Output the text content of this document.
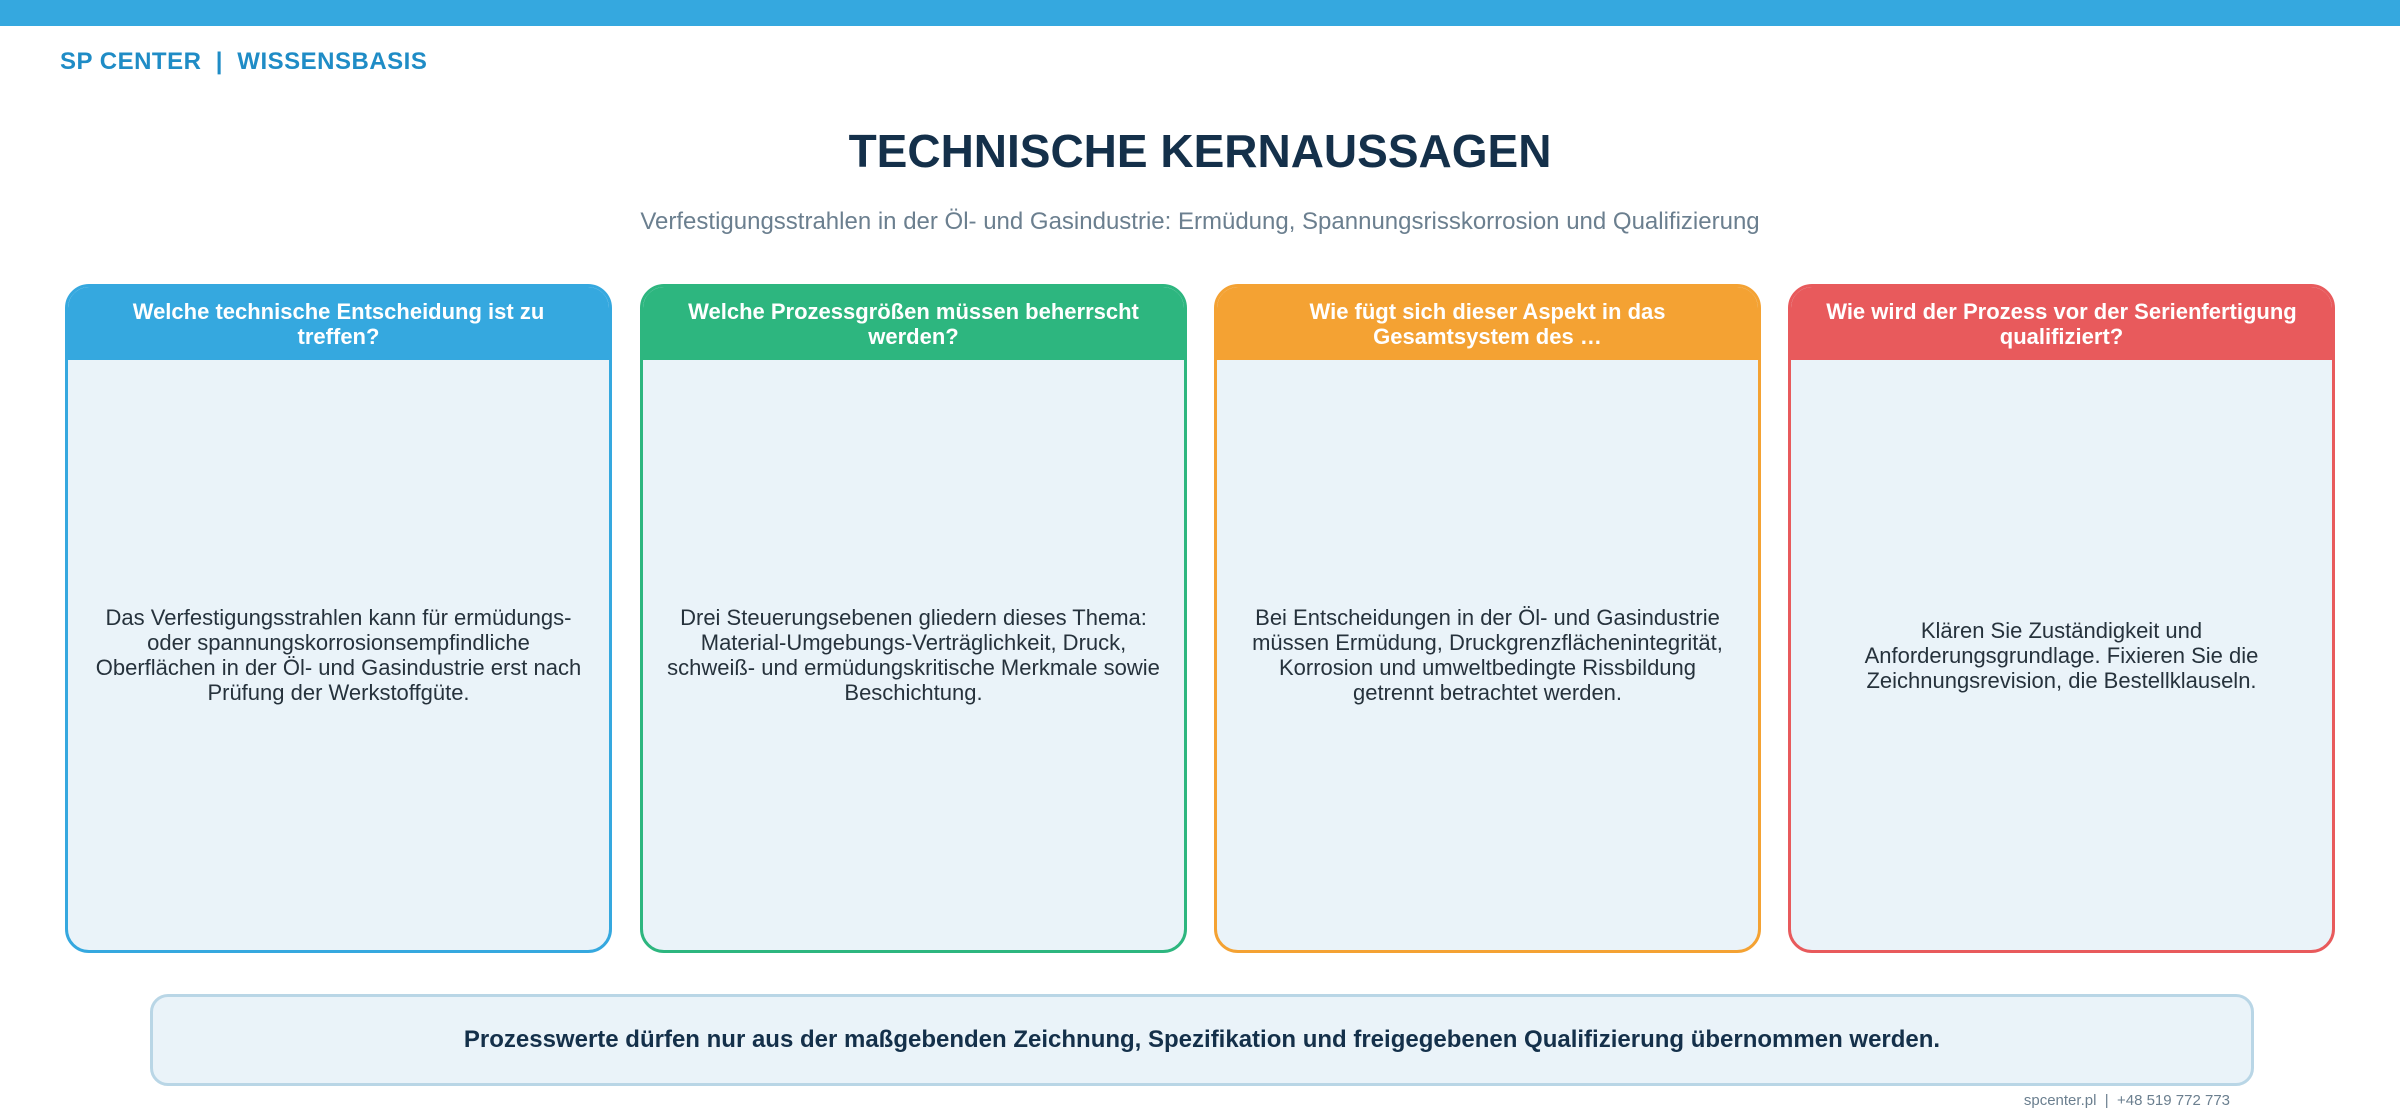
SP CENTER  |  WISSENSBASIS
TECHNISCHE KERNAUSSAGEN
Verfestigungsstrahlen in der Öl- und Gasindustrie: Ermüdung, Spannungsrisskorrosion und Qualifizierung
Welche technische Entscheidung ist zu treffen?
Das Verfestigungsstrahlen kann für ermüdungs- oder spannungskorrosionsempfindliche Oberflächen in der Öl- und Gasindustrie erst nach Prüfung der Werkstoffgüte.
Welche Prozessgrößen müssen beherrscht werden?
Drei Steuerungsebenen gliedern dieses Thema: Material-Umgebungs-Verträglichkeit, Druck, schweiß- und ermüdungskritische Merkmale sowie Beschichtung.
Wie fügt sich dieser Aspekt in das Gesamtsystem des …
Bei Entscheidungen in der Öl- und Gasindustrie müssen Ermüdung, Druckgrenzflächenintegrität, Korrosion und umweltbedingte Rissbildung getrennt betrachtet werden.
Wie wird der Prozess vor der Serienfertigung qualifiziert?
Klären Sie Zuständigkeit und Anforderungsgrundlage. Fixieren Sie die Zeichnungsrevision, die Bestellklauseln.
Prozesswerte dürfen nur aus der maßgebenden Zeichnung, Spezifikation und freigegebenen Qualifizierung übernommen werden.
spcenter.pl  |  +48 519 772 773
